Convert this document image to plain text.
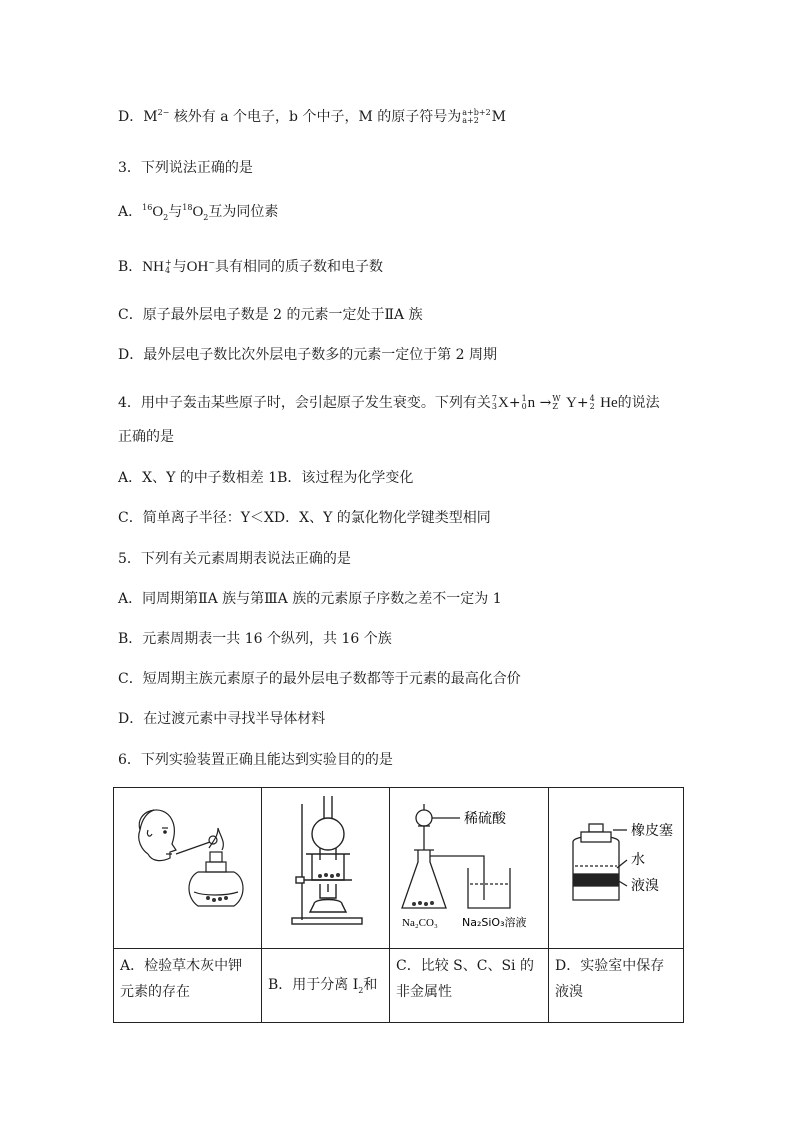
D．$M^{2-}$ 核外有 a 个电子，b 个中子，M 的原子符号为 a+b+2
a+2 M
3．下列说法正确的是
A．$^{16}O_2$与$^{18}O_2$互为同位素
B．NH +
4 与OH−具有相同的质子数和电子数
C．原子最外层电子数是 2 的元素一定处于ⅡA 族
D．最外层电子数比次外层电子数多的元素一定位于第 2 周期
4．用中子轰击某些原子时，会引起原子发生衰变。下列有关 7
3 X+ 1
0 n → W
Z Y+ 4
2 He的说法
正确的是
A．X、Y 的中子数相差 1B．该过程为化学变化
C．简单离子半径：Y＜XD．X、Y 的氯化物化学键类型相同
5．下列有关元素周期表说法正确的是
A．同周期第ⅡA 族与第ⅢA 族的元素原子序数之差不一定为 1
B．元素周期表一共 16 个纵列，共 16 个族
C．短周期主族元素原子的最外层电子数都等于元素的最高化合价
D．在过渡元素中寻找半导体材料
6．下列实验装置正确且能达到实验目的的是

稀硫酸
Na₂CO₃ Na₂SiO₃溶液	橡皮塞
水
液溴

A．检验草木灰中钾元素的存在	B．用于分离 $I_2$和	C．比较 S、C、Si 的非金属性	D．实验室中保存液溴
